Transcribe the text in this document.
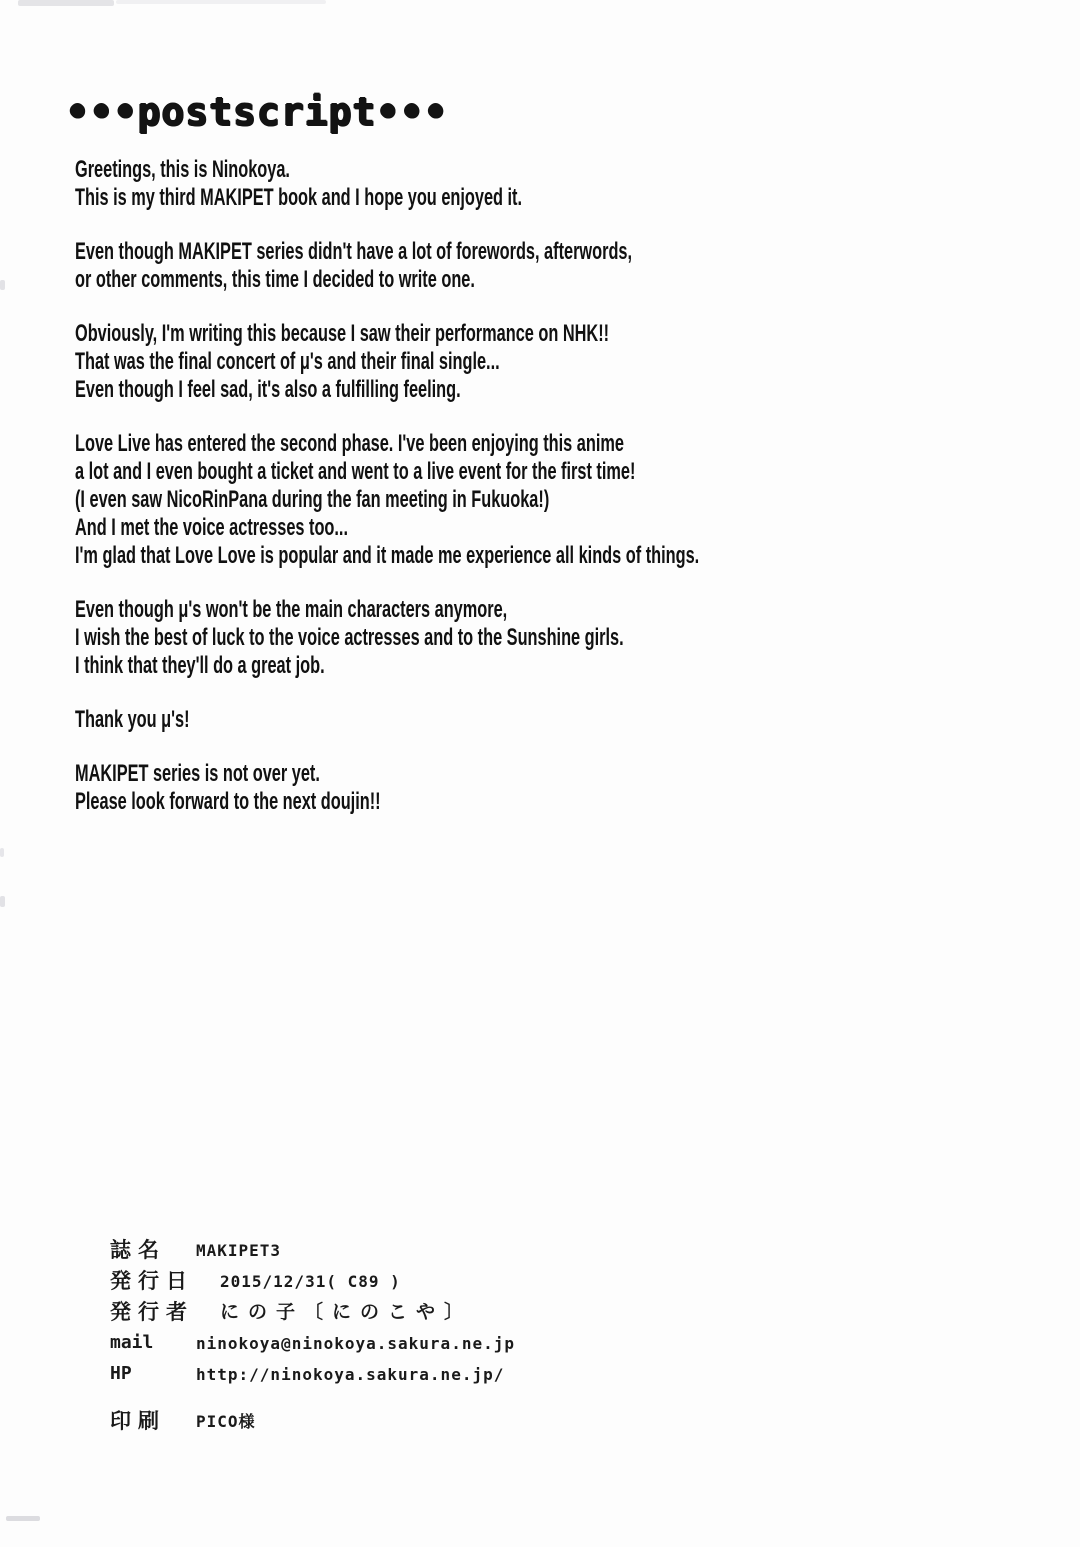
•••postscript•••
Greetings, this is Ninokoya.
This is my third MAKIPET book and I hope you enjoyed it.
Even though MAKIPET series didn't have a lot of forewords, afterwords,
or other comments, this time I decided to write one.
Obviously, I'm writing this because I saw their performance on NHK!!
That was the final concert of μ's and their final single...
Even though I feel sad, it's also a fulfilling feeling.
Love Live has entered the second phase. I've been enjoying this anime
a lot and I even bought a ticket and went to a live event for the first time!
(I even saw NicoRinPana during the fan meeting in Fukuoka!)
And I met the voice actresses too...
I'm glad that Love Love is popular and it made me experience all kinds of things.
Even though μ's won't be the main characters anymore,
I wish the best of luck to the voice actresses and to the Sunshine girls.
I think that they'll do a great job.
Thank you μ's!
MAKIPET series is not over yet.
Please look forward to the next doujin!!
誌名	MAKIPET3
発行日 2015/12/31( C89 )
発行者 にの子〔にのこや〕
mail	ninokoya@ninokoya.sakura.ne.jp
HP	http://ninokoya.sakura.ne.jp/
印刷	PICO様
